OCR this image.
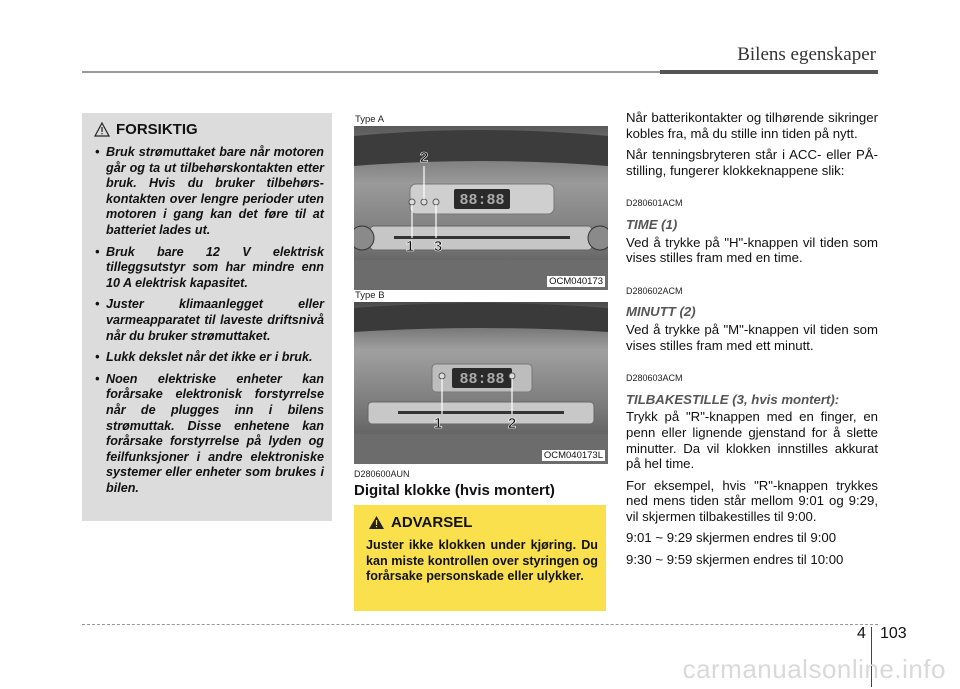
Bilens egenskaper
FORSIKTIG
• Bruk strømuttaket bare når motoren går og ta ut tilbehørskontakten etter bruk. Hvis du bruker tilbehørs-kontakten over lengre perioder uten motoren i gang kan det føre til at batteriet lades ut.
• Bruk bare 12 V elektrisk tilleggsutstyr som har mindre enn 10 A elektrisk kapasitet.
• Juster klimaanlegget eller varmeapparatet til laveste driftsnivå når du bruker strømuttaket.
• Lukk dekslet når det ikke er i bruk.
• Noen elektriske enheter kan forårsake elektronisk forstyrrelse når de plugges inn i bilens strømuttak. Disse enhetene kan forårsake forstyrrelse på lyden og feilfunksjoner i andre elektroniske systemer eller enheter som brukes i bilen.
Type A
88:88
2
1 3
OCM040173
Type B
88:88
1	2
OCM040173L
D280600AUN
Digital klokke (hvis montert)
ADVARSEL
Juster ikke klokken under kjøring. Du kan miste kontrollen over styringen og forårsake personskade eller ulykker.

Når batterikontakter og tilhørende sikringer kobles fra, må du stille inn tiden på nytt.

Når tenningsbryteren står i ACC- eller PÅ-stilling, fungerer klokkeknappene slik:

D280601ACM
TIME (1)

Ved å trykke på "H"-knappen vil tiden som vises stilles fram med en time.

D280602ACM
MINUTT (2)

Ved å trykke på "M"-knappen vil tiden som vises stilles fram med ett minutt.

D280603ACM
TILBAKESTILLE (3, hvis montert):

Trykk på "R"-knappen med en finger, en penn eller lignende gjenstand for å slette minutter. Da vil klokken innstilles akkurat på hel time.

For eksempel, hvis "R"-knappen trykkes ned mens tiden står mellom 9:01 og 9:29, vil skjermen tilbakestilles til 9:00.

9:01 ~ 9:29 skjermen endres til 9:00

9:30 ~ 9:59 skjermen endres til 10:00

4 103
carmanualsonline.info
